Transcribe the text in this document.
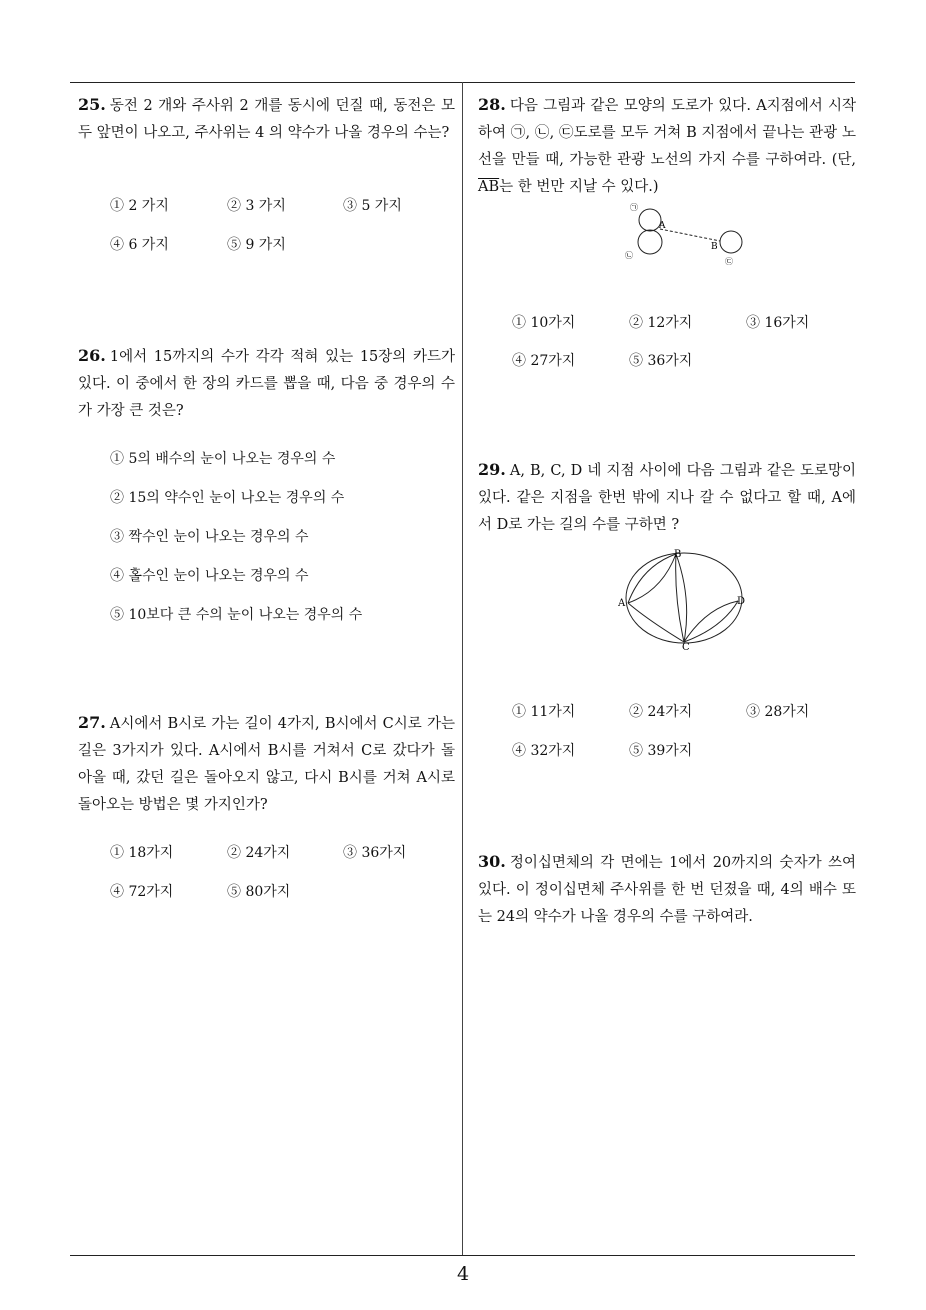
25. 동전 2 개와 주사위 2 개를 동시에 던질 때, 동전은 모두 앞면이 나오고, 주사위는 4 의 약수가 나올 경우의 수는?
① 2 가지	② 3 가지	③ 5 가지
④ 6 가지	⑤ 9 가지
26. 1에서 15까지의 수가 각각 적혀 있는 15장의 카드가 있다. 이 중에서 한 장의 카드를 뽑을 때, 다음 중 경우의 수가 가장 큰 것은?
① 5의 배수의 눈이 나오는 경우의 수
② 15의 약수인 눈이 나오는 경우의 수
③ 짝수인 눈이 나오는 경우의 수
④ 홀수인 눈이 나오는 경우의 수
⑤ 10보다 큰 수의 눈이 나오는 경우의 수
27. A시에서 B시로 가는 길이 4가지, B시에서 C시로 가는 길은 3가지가 있다. A시에서 B시를 거쳐서 C로 갔다가 돌아올 때, 갔던 길은 돌아오지 않고, 다시 B시를 거쳐 A시로 돌아오는 방법은 몇 가지인가?
① 18가지	② 24가지	③ 36가지
④ 72가지	⑤ 80가지
28. 다음 그림과 같은 모양의 도로가 있다. A지점에서 시작하여 ㉠, ㉡, ㉢도로를 모두 거쳐 B 지점에서 끝나는 관광 노선을 만들 때, 가능한 관광 노선의 가지 수를 구하여라. (단, $\overline{AB}$는 한 번만 지날 수 있다.)
A
B
㉠
㉡
㉢
① 10가지	② 12가지	③ 16가지
④ 27가지	⑤ 36가지
29. A, B, C, D 네 지점 사이에 다음 그림과 같은 도로망이 있다. 같은 지점을 한번 밖에 지나 갈 수 없다고 할 때, A에서 D로 가는 길의 수를 구하면 ?
A
B
C
D
① 11가지	② 24가지	③ 28가지
④ 32가지	⑤ 39가지
30. 정이십면체의 각 면에는 1에서 20까지의 숫자가 쓰여 있다. 이 정이십면체 주사위를 한 번 던졌을 때, 4의 배수 또는 24의 약수가 나올 경우의 수를 구하여라.
4
